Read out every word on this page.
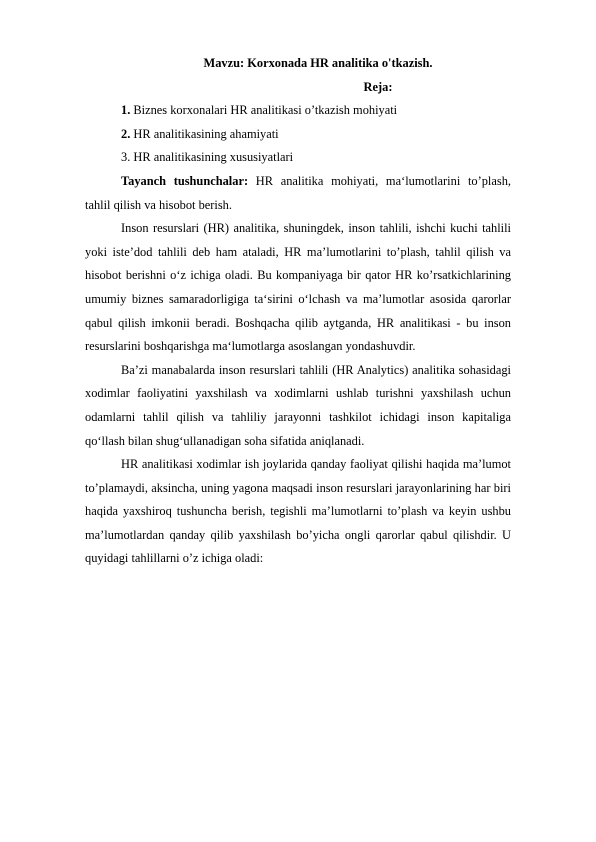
Mavzu: Korxonada HR analitika o'tkazish.

Reja:

1. Biznes korxonalari HR analitikasi o’tkazish mohiyati

2. HR analitikasining ahamiyati

3. HR analitikasining xususiyatlari

Tayanch tushunchalar: HR analitika mohiyati, ma‘lumotlarini to’plash, tahlil qilish va hisobot berish.

Inson resurslari (HR) analitika, shuningdek, inson tahlili, ishchi kuchi tahlili yoki iste’dod tahlili deb ham ataladi, HR ma’lumotlarini to’plash, tahlil qilish va hisobot berishni o‘z ichiga oladi. Bu kompaniyaga bir qator HR ko’rsatkichlarining umumiy biznes samaradorligiga ta‘sirini o‘lchash va ma’lumotlar asosida qarorlar qabul qilish imkonii beradi. Boshqacha qilib aytganda, HR analitikasi - bu inson resurslarini boshqarishga ma‘lumotlarga asoslangan yondashuvdir.

Ba’zi manabalarda inson resurslari tahlili (HR Analytics) analitika sohasidagi xodimlar faoliyatini yaxshilash va xodimlarni ushlab turishni yaxshilash uchun odamlarni tahlil qilish va tahliliy jarayonni tashkilot ichidagi inson kapitaliga qo‘llash bilan shug‘ullanadigan soha sifatida aniqlanadi.

HR analitikasi xodimlar ish joylarida qanday faoliyat qilishi haqida ma’lumot to’plamaydi, aksincha, uning yagona maqsadi inson resurslari jarayonlarining har biri haqida yaxshiroq tushuncha berish, tegishli ma’lumotlarni to’plash va keyin ushbu ma’lumotlardan qanday qilib yaxshilash bo’yicha ongli qarorlar qabul qilishdir. U quyidagi tahlillarni o’z ichiga oladi:
